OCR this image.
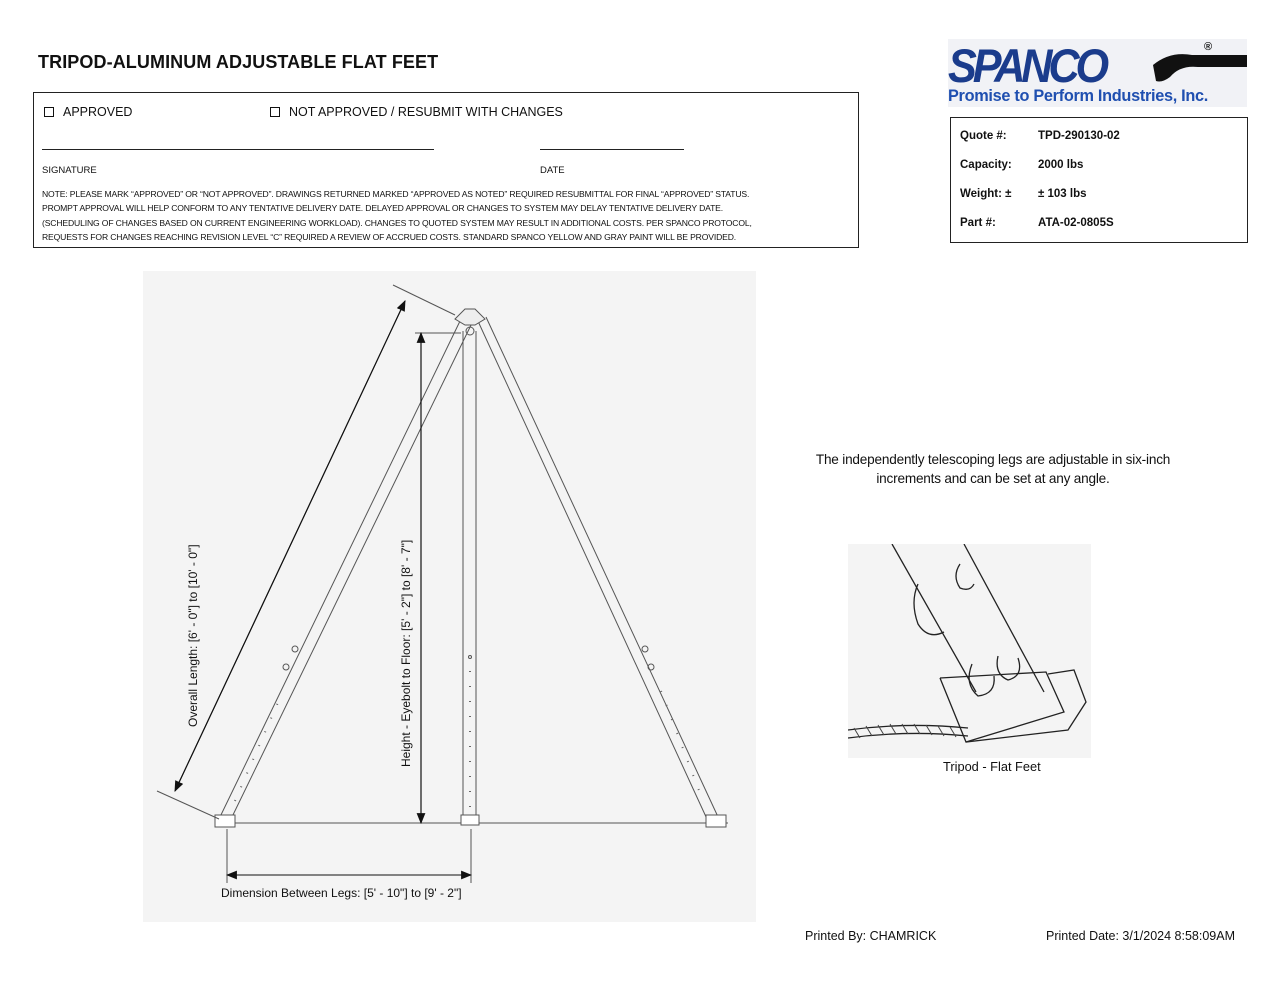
TRIPOD-ALUMINUM ADJUSTABLE FLAT FEET
APPROVED	NOT APPROVED / RESUBMIT WITH CHANGES
SIGNATURE	DATE
NOTE: PLEASE MARK “APPROVED” OR “NOT APPROVED”. DRAWINGS RETURNED MARKED “APPROVED AS NOTED” REQUIRED RESUBMITTAL FOR FINAL “APPROVED” STATUS.
PROMPT APPROVAL WILL HELP CONFORM TO ANY TENTATIVE DELIVERY DATE. DELAYED APPROVAL OR CHANGES TO SYSTEM MAY DELAY TENTATIVE DELIVERY DATE.
(SCHEDULING OF CHANGES BASED ON CURRENT ENGINEERING WORKLOAD). CHANGES TO QUOTED SYSTEM MAY RESULT IN ADDITIONAL COSTS. PER SPANCO PROTOCOL,
REQUESTS FOR CHANGES REACHING REVISION LEVEL “C” REQUIRED A REVIEW OF ACCRUED COSTS. STANDARD SPANCO YELLOW AND GRAY PAINT WILL BE PROVIDED.
SPANCO	®
Promise to Perform Industries, Inc.
Quote #:	TPD-290130-02
Capacity:	2000 lbs
Weight: ±	± 103 lbs
Part #:	ATA-02-0805S
Overall Length: [6' - 0"] to [10' - 0"]	Height - Eyebolt to Floor: [5' - 2"] to [8' - 7"]
Dimension Between Legs: [5' - 10"] to [9' - 2"]
The independently telescoping legs are adjustable in six-inch
increments and can be set at any angle.
Tripod - Flat Feet
Printed By: CHAMRICK	Printed Date: 3/1/2024 8:58:09AM
